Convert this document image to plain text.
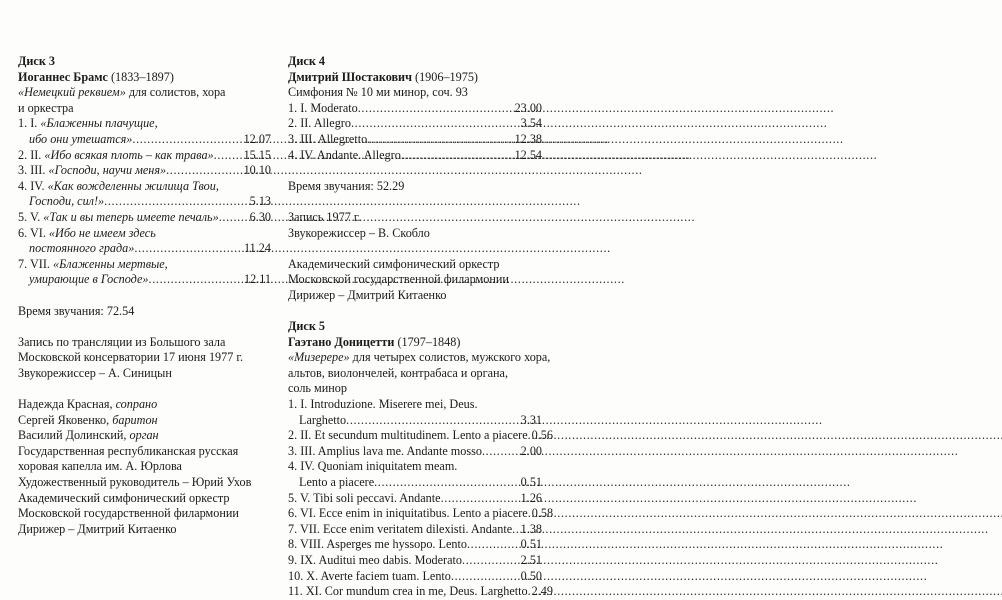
Диск 3
Иоганнес Брамс (1833–1897)
«Немецкий реквием» для солистов, хора
и оркестра
1. I. «Блаженны плачущие,
ибо они утешатся» . . .	12.07
2. II. «Ибо всякая плоть – как трава» . . . 15.15
3. III. «Господи, научи меня» . . .	10.10
4. IV. «Как вожделенны жилища Твои,
Господи, сил!» . . .	5.13
5. V. «Так и вы теперь имеете печаль» . . .	6.30
6. VI. «Ибо не имеем здесь
постоянного града» . . .	11.24
7. VII. «Блаженны мертвые,
умирающие в Господе» . . .	12.11
Время звучания: 72.54
Запись по трансляции из Большого зала
Московской консерватории 17 июня 1977 г.
Звукорежиссер – А. Синицын
Надежда Красная, сопрано
Сергей Яковенко, баритон
Василий Долинский, орган
Государственная республиканская русская
хоровая капелла им. А. Юрлова
Художественный руководитель – Юрий Ухов
Академический симфонический оркестр
Московской государственной филармонии
Дирижер – Дмитрий Китаенко
Диск 4
Дмитрий Шостакович (1906–1975)
Симфония № 10 ми минор, соч. 93
1. I. Moderato . . .	23.00
2. II. Allegro . . .	3.54
3. III. Allegretto . . .	12.38
4. IV. Andante. Allegro . . .	12.54
Время звучания: 52.29
Запись 1977 г.
Звукорежиссер – В. Скобло
Академический симфонический оркестр
Московской государственной филармонии
Дирижер – Дмитрий Китаенко
Диск 5
Гаэтано Доницетти (1797–1848)
«Мизерере» для четырех солистов, мужского хора,
альтов, виолончелей, контрабаса и органа,
соль минор
1. I. Introduzione. Miserere mei, Deus.
Larghetto . . .	3.31
2. II. Et secundum multitudinem. Lento a piacere . . . 0.56
3. III. Amplius lava me. Andante mosso . . .	2.00
4. IV. Quoniam iniquitatem meam.
Lento a piacere . . .	0.51
5. V. Tibi soli peccavi. Andante . . .	1.26
6. VI. Ecce enim in iniquitatibus. Lento a piacere . . . 0.58
7. VII. Ecce enim veritatem dilexisti. Andante . . . 1.38
8. VIII. Asperges me hyssopo. Lento . . .	0.51
9. IX. Auditui meo dabis. Moderato . . .	2.51
10. X. Averte faciem tuam. Lento . . .	0.50
11. XI. Cor mundum crea in me, Deus. Larghetto . . . 2.49
